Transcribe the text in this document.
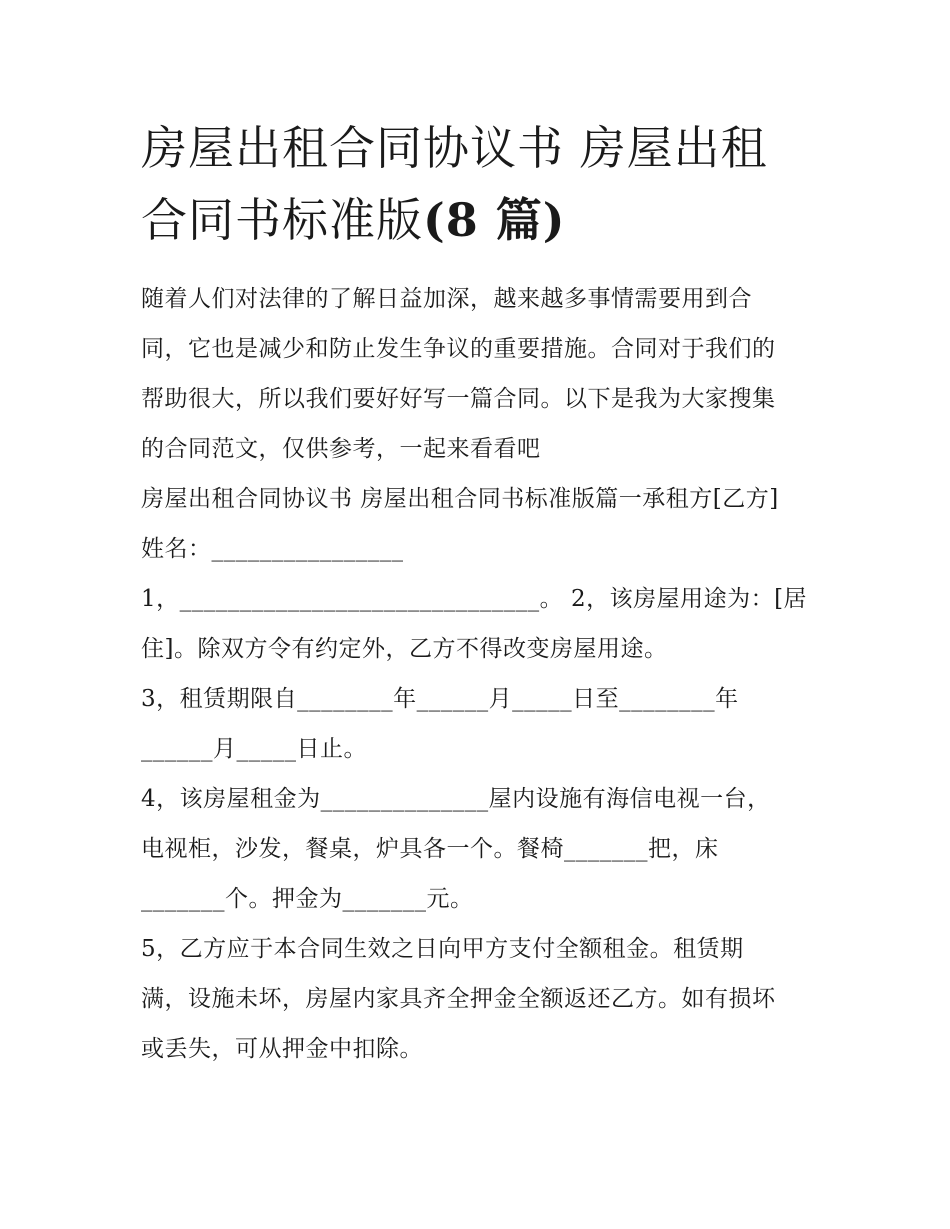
房屋出租合同协议书 房屋出租
合同书标准版(8 篇)

随着人们对法律的了解日益加深，越来越多事情需要用到合
同，它也是减少和防止发生争议的重要措施。合同对于我们的
帮助很大，所以我们要好好写一篇合同。以下是我为大家搜集
的合同范文，仅供参考，一起来看看吧

房屋出租合同协议书 房屋出租合同书标准版篇一承租方[乙方]
姓名：________________

1，______________________________。 2，该房屋用途为：[居
住]。除双方令有约定外，乙方不得改变房屋用途。

3，租赁期限自________年______月_____日至________年
______月_____日止。

4，该房屋租金为______________屋内设施有海信电视一台，
电视柜，沙发，餐桌，炉具各一个。餐椅_______把，床
_______个。押金为_______元。

5，乙方应于本合同生效之日向甲方支付全额租金。租赁期
满，设施未坏，房屋内家具齐全押金全额返还乙方。如有损坏
或丢失，可从押金中扣除。
